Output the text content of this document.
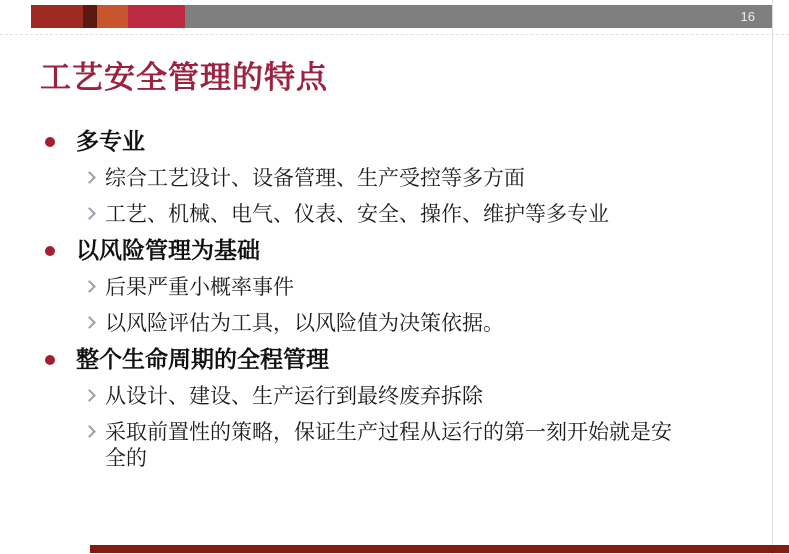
16
工艺安全管理的特点
多专业
综合工艺设计、设备管理、生产受控等多方面
工艺、机械、电气、仪表、安全、操作、维护等多专业
以风险管理为基础
后果严重小概率事件
以风险评估为工具，以风险值为决策依据。
整个生命周期的全程管理
从设计、建设、生产运行到最终废弃拆除
采取前置性的策略，保证生产过程从运行的第一刻开始就是安全的
